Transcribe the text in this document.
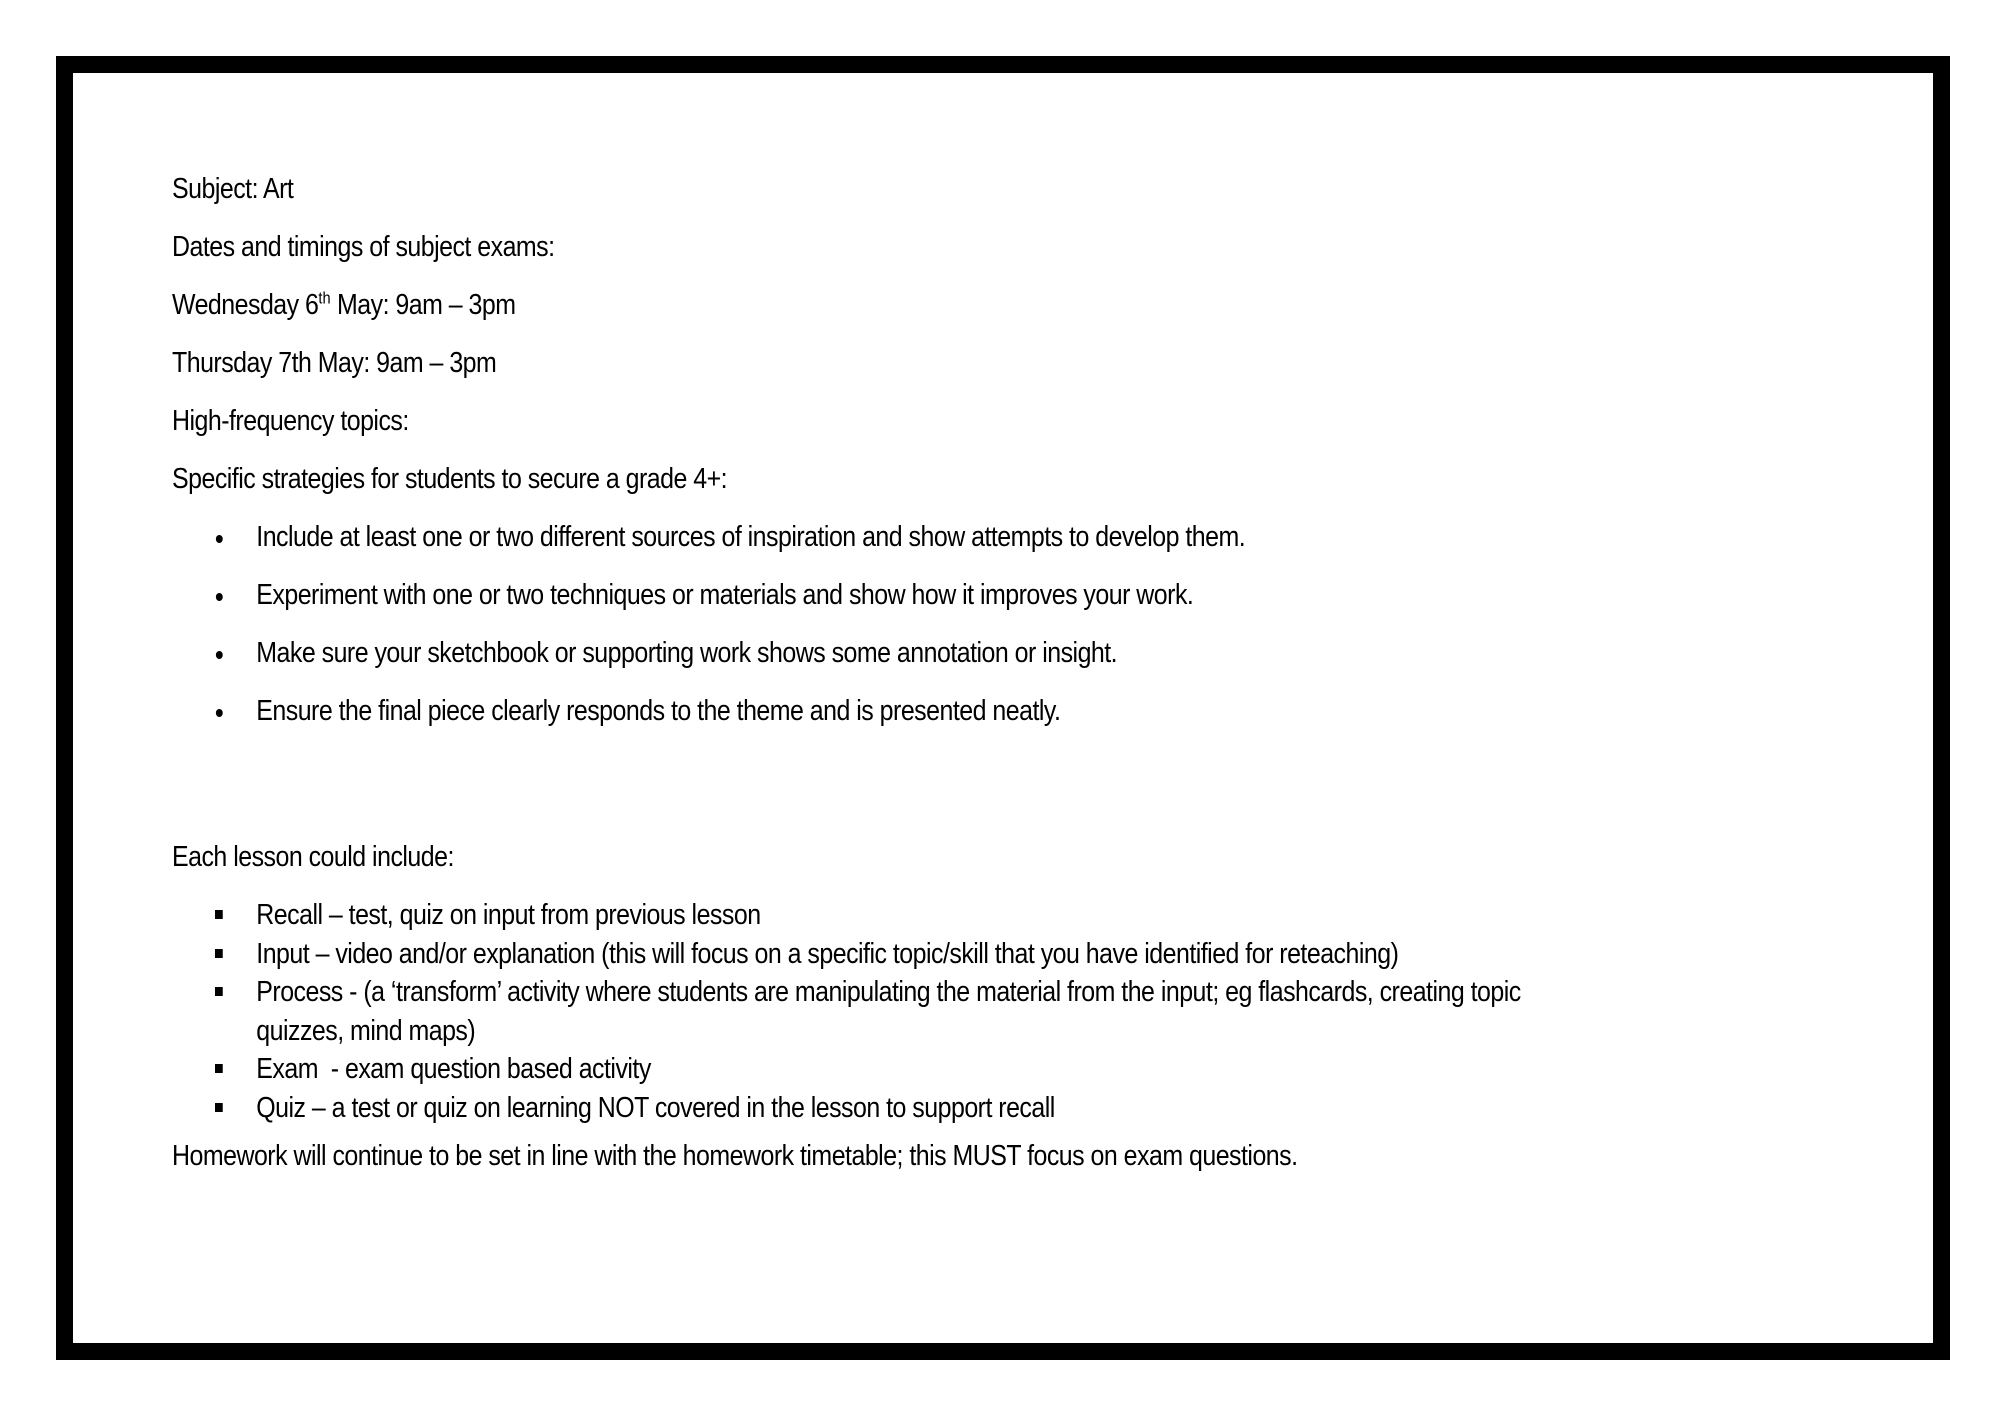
Subject: Art

Dates and timings of subject exams:

Wednesday 6th May: 9am – 3pm

Thursday 7th May: 9am – 3pm

High-frequency topics:

Specific strategies for students to secure a grade 4+:

Include at least one or two different sources of inspiration and show attempts to develop them.
Experiment with one or two techniques or materials and show how it improves your work.
Make sure your sketchbook or supporting work shows some annotation or insight.
Ensure the final piece clearly responds to the theme and is presented neatly.

Each lesson could include:

Recall – test, quiz on input from previous lesson
Input – video and/or explanation (this will focus on a specific topic/skill that you have identified for reteaching)
Process - (a ‘transform’ activity where students are manipulating the material from the input; eg flashcards, creating topic quizzes, mind maps)
Exam  - exam question based activity
Quiz – a test or quiz on learning NOT covered in the lesson to support recall

Homework will continue to be set in line with the homework timetable; this MUST focus on exam questions.
